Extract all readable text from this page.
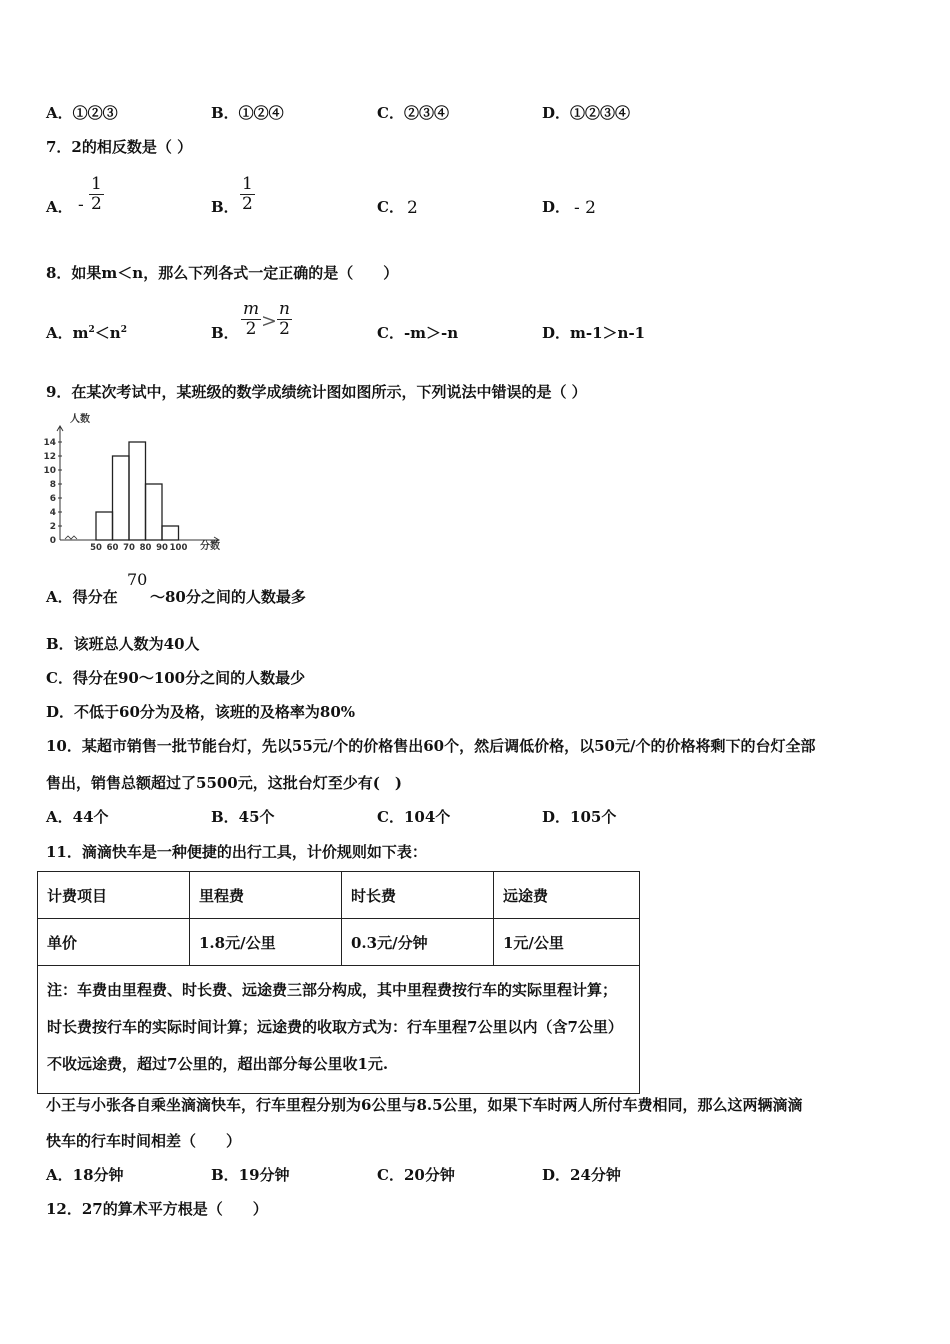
A．①②③	B．①②④	C．②③④	D．①②③④
7．2的相反数是（ ）
A． - $\frac{1}{2}$	B． $\frac{1}{2}$	C． 2	D． - 2
8．如果m＜n，那么下列各式一定正确的是（　　）
A．$m^2<n^2$	B． $\frac{m}{2} > \frac{n}{2}$	C．-m＞-n	D．m-1＞n-1
9．在某次考试中，某班级的数学成绩统计图如图所示，下列说法中错误的是（ ）
0
2
4
6
8
10
12
14
50 60 70 80 90 100
人数
分数
A．得分在
70
～80分之间的人数最多
B．该班总人数为40人
C．得分在90～100分之间的人数最少
D．不低于60分为及格，该班的及格率为80%
10．某超市销售一批节能台灯，先以55元/个的价格售出60个，然后调低价格，以50元/个的价格将剩下的台灯全部
售出，销售总额超过了5500元，这批台灯至少有(　)
A．44个	B．45个	C．104个	D．105个
11．滴滴快车是一种便捷的出行工具，计价规则如下表：
计费项目	里程费	时长费	远途费
单价	1.8元/公里	0.3元/分钟	1元/公里
注：车费由里程费、时长费、远途费三部分构成，其中里程费按行车的实际里程计算；时长费按行车的实际时间计算；远途费的收取方式为：行车里程7公里以内（含7公里）不收远途费，超过7公里的，超出部分每公里收1元.			
小王与小张各自乘坐滴滴快车，行车里程分别为6公里与8.5公里，如果下车时两人所付车费相同，那么这两辆滴滴
快车的行车时间相差（　　）
A．18分钟	B．19分钟	C．20分钟	D．24分钟
12．27的算术平方根是（　　）
